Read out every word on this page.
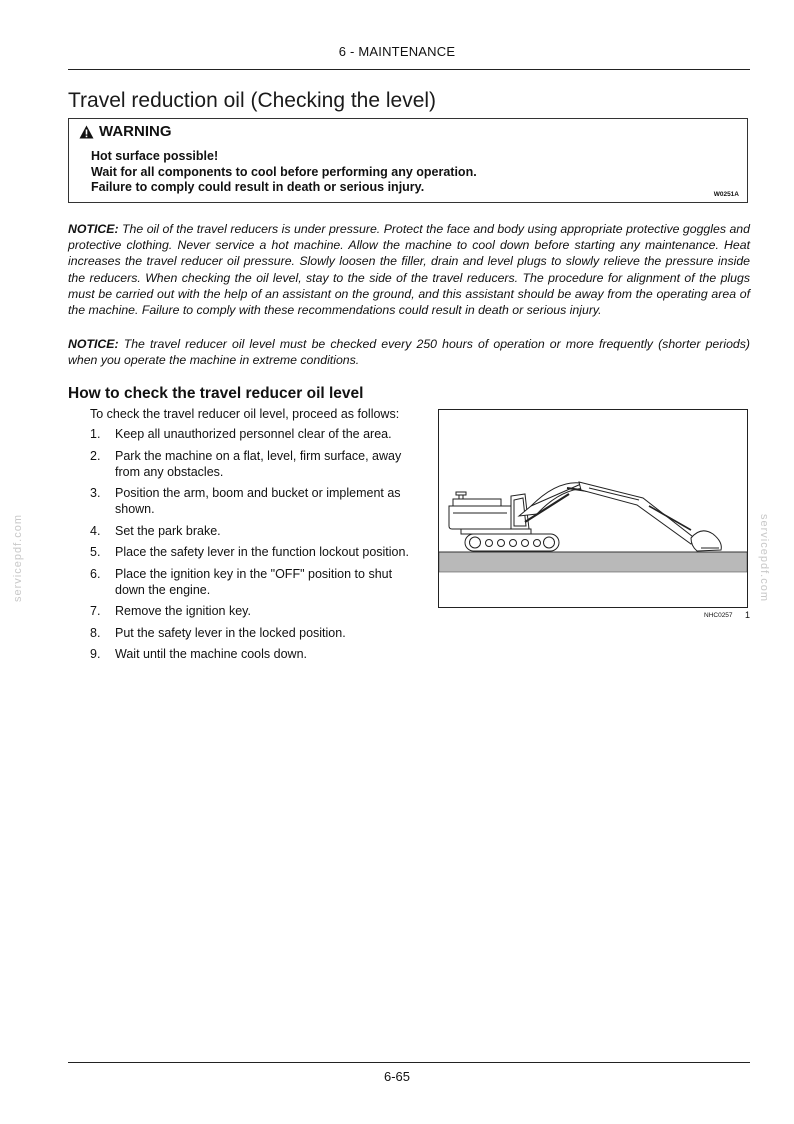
6 - MAINTENANCE
Travel reduction oil (Checking the level)
WARNING
Hot surface possible!
Wait for all components to cool before performing any operation.
Failure to comply could result in death or serious injury.
W0251A
NOTICE: The oil of the travel reducers is under pressure. Protect the face and body using appropriate protective goggles and protective clothing. Never service a hot machine. Allow the machine to cool down before starting any maintenance. Heat increases the travel reducer oil pressure. Slowly loosen the filler, drain and level plugs to slowly relieve the pressure inside the reducers. When checking the oil level, stay to the side of the travel reducers. The procedure for alignment of the plugs must be carried out with the help of an assistant on the ground, and this assistant should be away from the operating area of the machine. Failure to comply with these recommendations could result in death or serious injury.
NOTICE: The travel reducer oil level must be checked every 250 hours of operation or more frequently (shorter periods) when you operate the machine in extreme conditions.
How to check the travel reducer oil level
To check the travel reducer oil level, proceed as follows:
1. Keep all unauthorized personnel clear of the area.
2. Park the machine on a flat, level, firm surface, away from any obstacles.
3. Position the arm, boom and bucket or implement as shown.
4. Set the park brake.
5. Place the safety lever in the function lockout position.
6. Place the ignition key in the "OFF" position to shut down the engine.
7. Remove the ignition key.
8. Put the safety lever in the locked position.
9. Wait until the machine cools down.
NHC0257 1
servicepdf.com	servicepdf.com
6-65
